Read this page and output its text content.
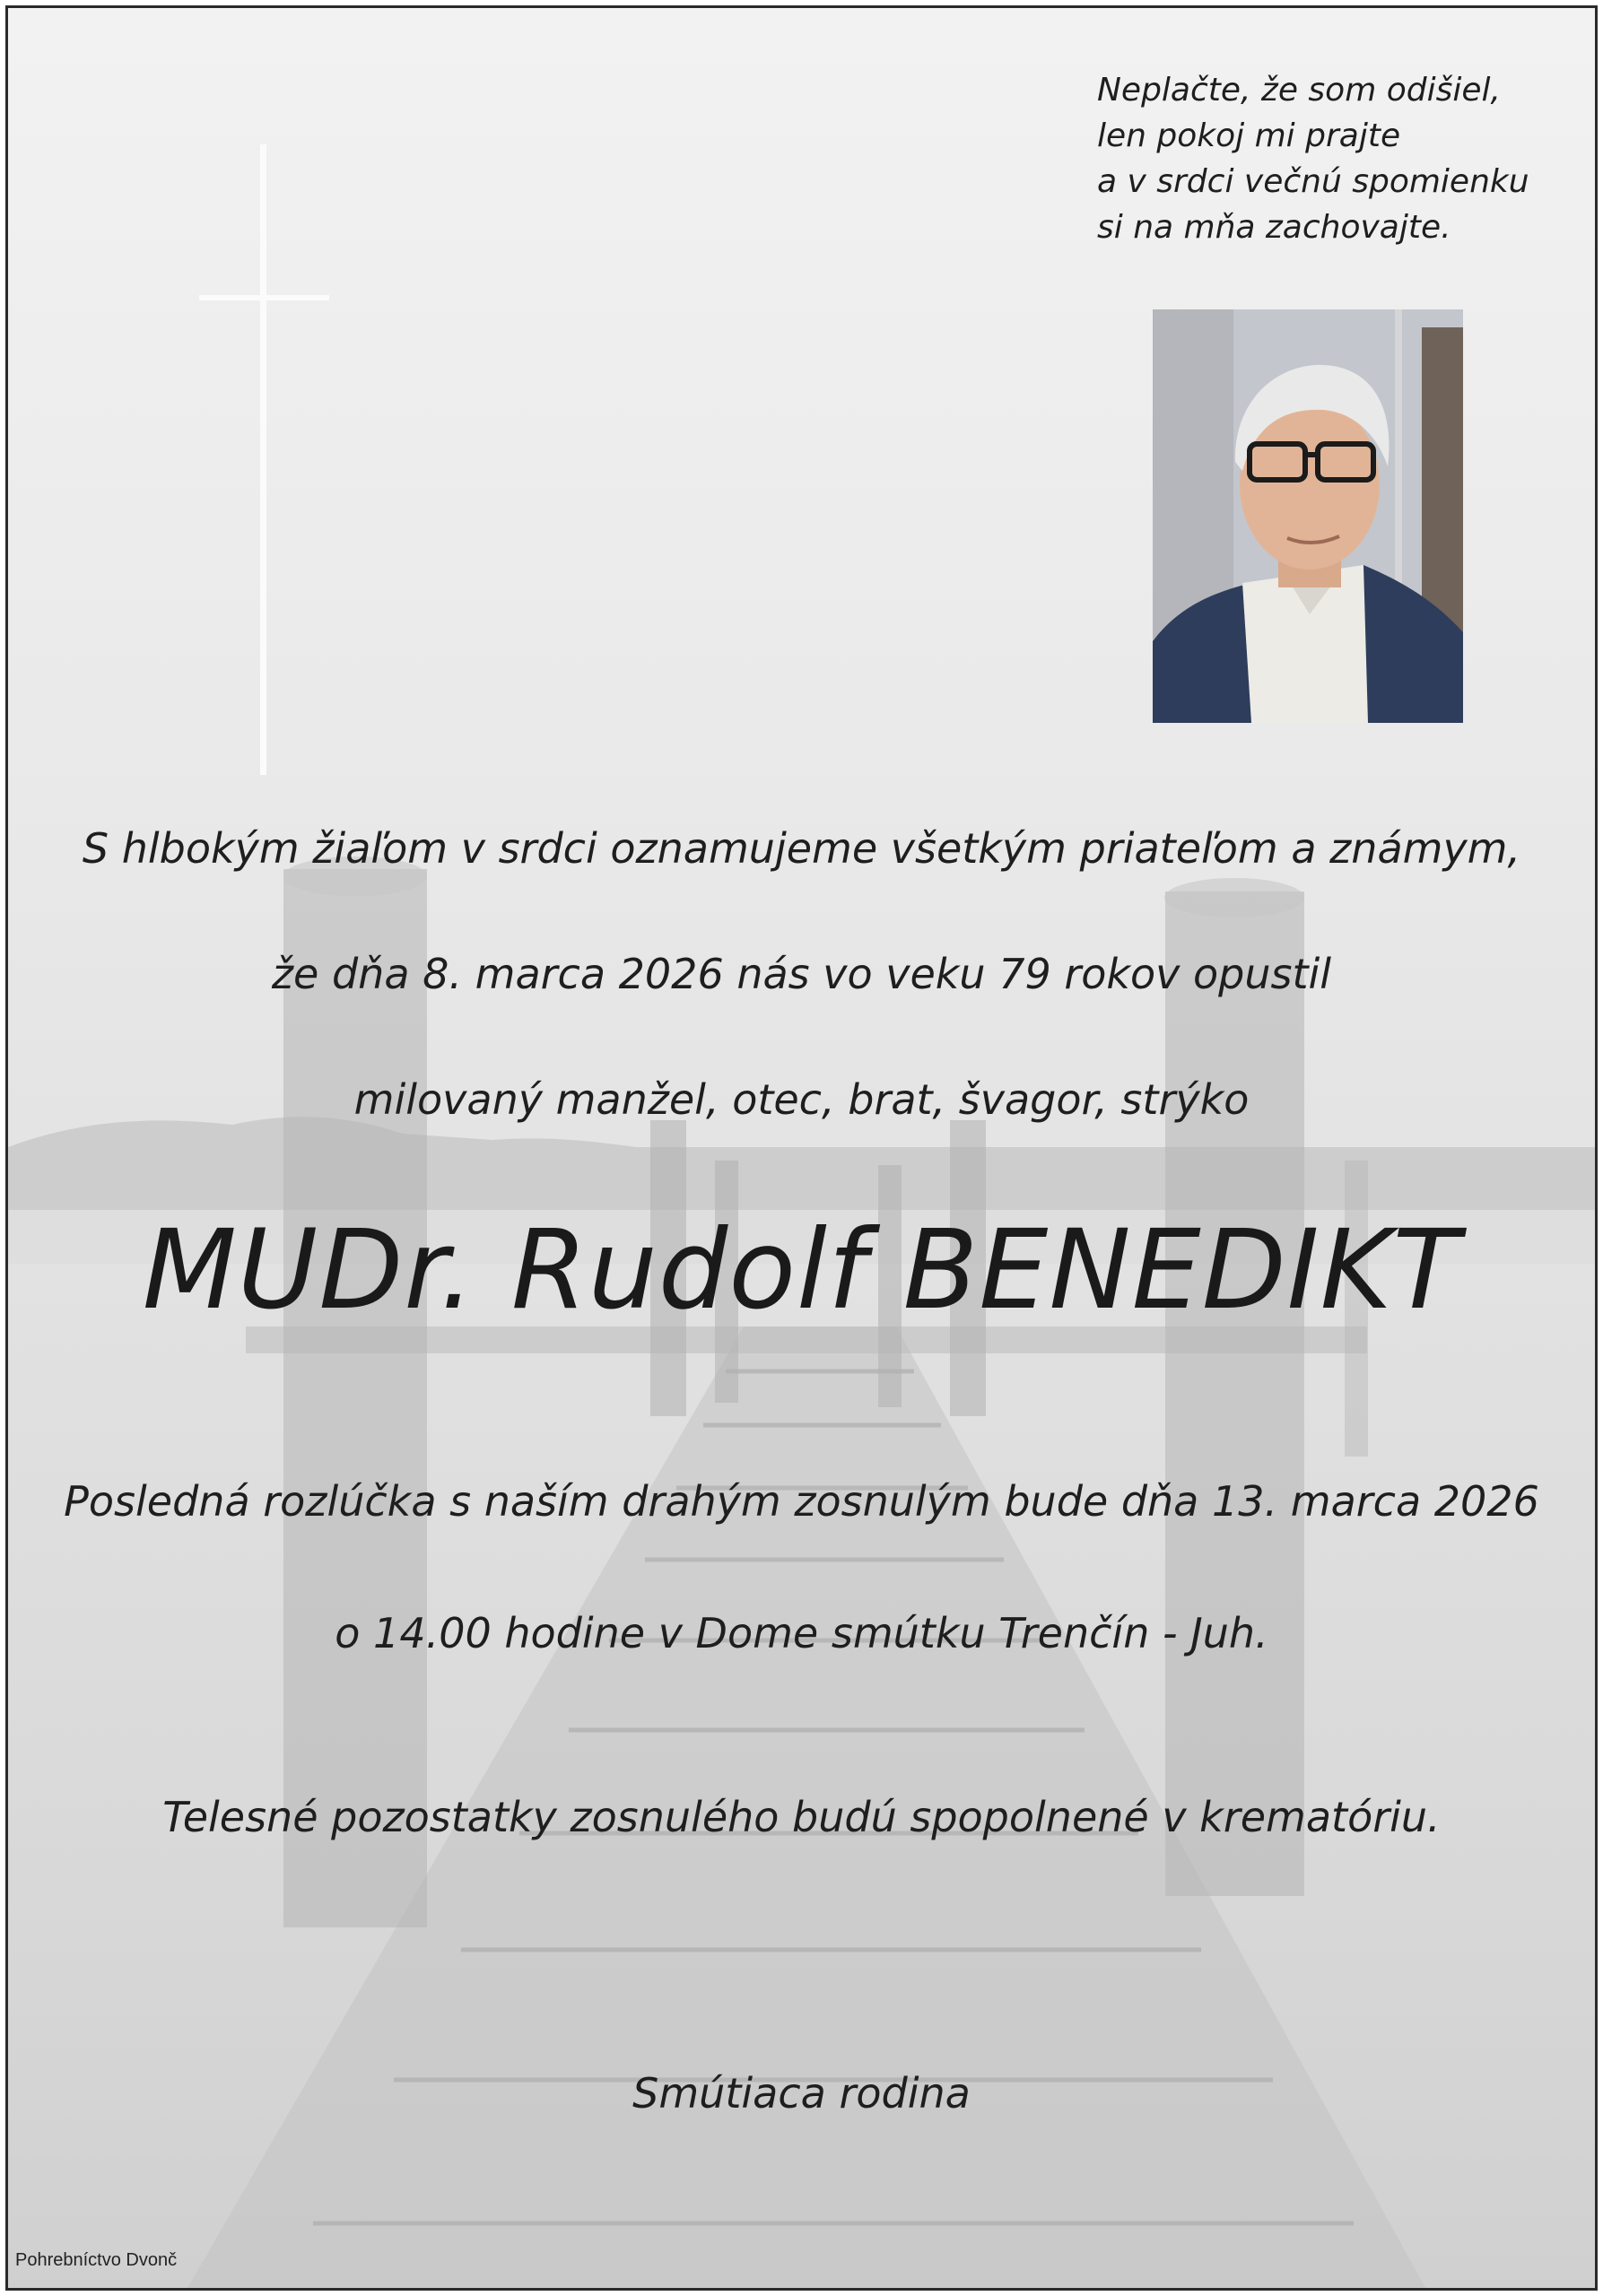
Neplačte, že som odišiel,
len pokoj mi prajte
a v srdci večnú spomienku
si na mňa zachovajte.
S hlbokým žiaľom v srdci oznamujeme všetkým priateľom a známym,
že dňa 8. marca 2026 nás vo veku 79 rokov opustil
milovaný manžel, otec, brat, švagor, strýko
MUDr. Rudolf BENEDIKT
Posledná rozlúčka s naším drahým zosnulým bude dňa 13. marca 2026
o 14.00 hodine v Dome smútku Trenčín - Juh.
Telesné pozostatky zosnulého budú spopolnené v krematóriu.
Smútiaca rodina
Pohrebníctvo Dvonč
